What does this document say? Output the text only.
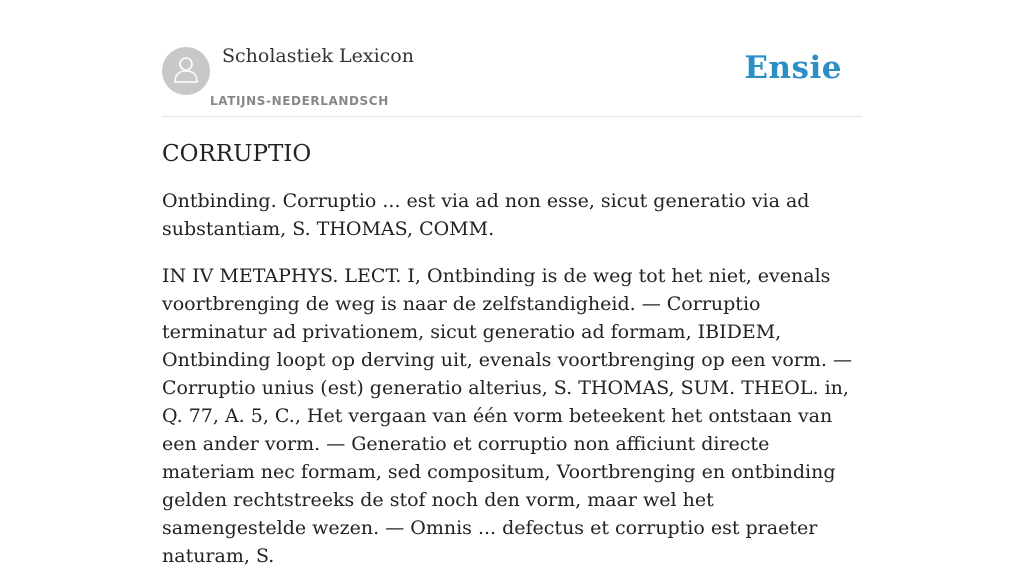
Scholastiek Lexicon
LATIJNS-NEDERLANDSCH
Ensie
CORRUPTIO

Ontbinding. Corruptio ... est via ad non esse, sicut generatio via ad substantiam, S. THOMAS, COMM.

IN IV METAPHYS. LECT. I, Ontbinding is de weg tot het niet, evenals voortbrenging de weg is naar de zelfstandigheid. — Corruptio terminatur ad privationem, sicut generatio ad formam, IBIDEM, Ontbinding loopt op derving uit, evenals voortbrenging op een vorm. — Corruptio unius (est) generatio alterius, S. THOMAS, SUM. THEOL. in, Q. 77, A. 5, C., Het vergaan van één vorm beteekent het ontstaan van een ander vorm. — Generatio et corruptio non afficiunt directe materiam nec formam, sed compositum, Voortbrenging en ontbinding gelden rechtstreeks de stof noch den vorm, maar wel het samengestelde wezen. — Omnis ... defectus et corruptio est praeter naturam, S.
